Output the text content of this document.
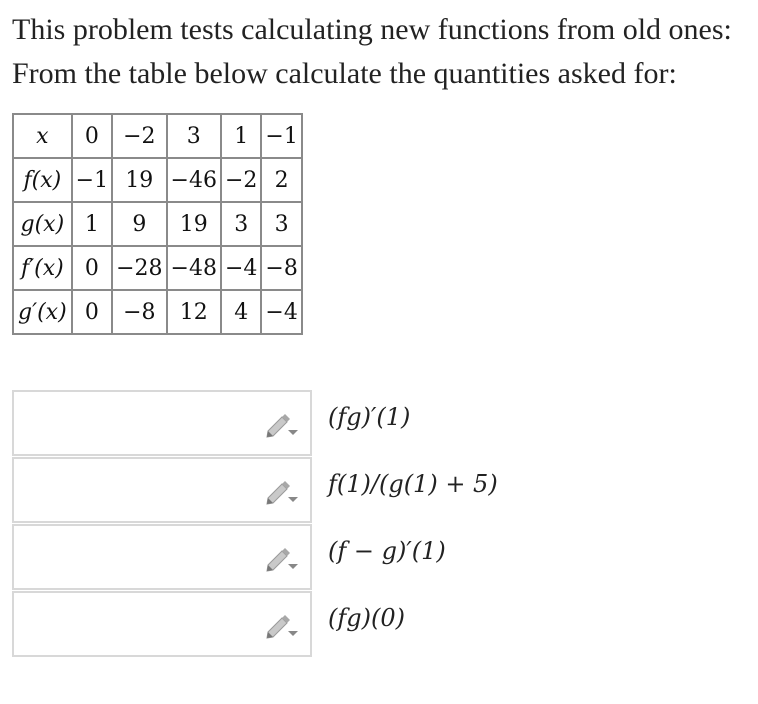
This problem tests calculating new functions from old ones:

From the table below calculate the quantities asked for:

x	0	−2	3	1	−1
f(x)	−1	19	−46	−2	2
g(x)	1	9	19	3	3
f′(x)	0	−28	−48	−4	−8
g′(x)	0	−8	12	4	−4
(fg)′(1)
f(1)/(g(1) + 5)
(f − g)′(1)
(fg)(0)
